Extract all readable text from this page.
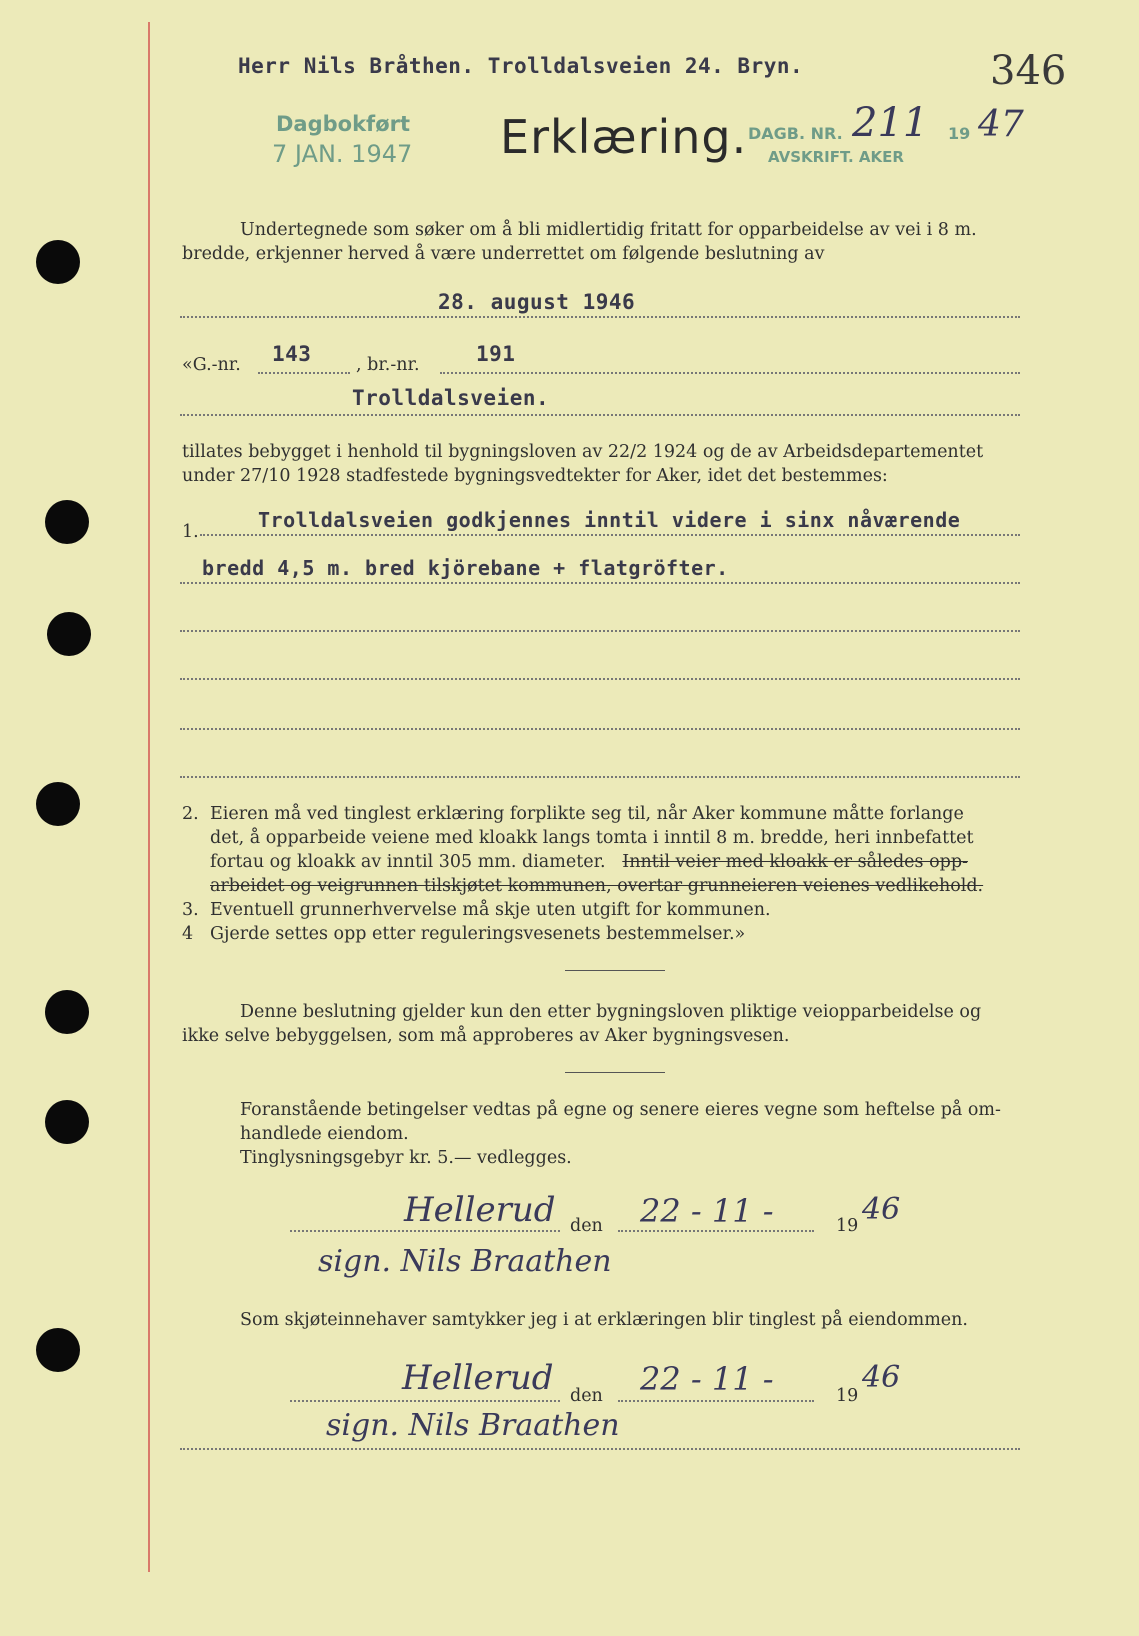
Herr Nils Bråthen. Trolldalsveien 24. Bryn.	346
Dagbokført
7 JAN. 1947 Erklæring. DAGB. NR. 211 19 47
AVSKRIFT. AKER
Undertegnede som søker om å bli midlertidig fritatt for opparbeidelse av vei i 8 m.
bredde, erkjenner herved å være underrettet om følgende beslutning av
28. august 1946
«G.-nr. 143	, br.-nr.	191
Trolldalsveien.
tillates bebygget i henhold til bygningsloven av 22/2 1924 og de av Arbeidsdepartementet
under 27/10 1928 stadfestede bygningsvedtekter for Aker, idet det bestemmes:
1.	Trolldalsveien godkjennes inntil videre i sinx nåværende
bredd 4,5 m. bred kjörebane + flatgröfter.
2. Eieren må ved tinglest erklæring forplikte seg til, når Aker kommune måtte forlange
det, å opparbeide veiene med kloakk langs tomta i inntil 8 m. bredde, heri innbefattet
fortau og kloakk av inntil 305 mm. diameter. Inntil veier med kloakk er således opp-
arbeidet og veigrunnen tilskjøtet kommunen, overtar grunneieren veienes vedlikehold.
3. Eventuell grunnerhvervelse må skje uten utgift for kommunen.
4 Gjerde settes opp etter reguleringsvesenets bestemmelser.»
Denne beslutning gjelder kun den etter bygningsloven pliktige veiopparbeidelse og
ikke selve bebyggelsen, som må approberes av Aker bygningsvesen.
Foranstående betingelser vedtas på egne og senere eieres vegne som heftelse på om-
handlede eiendom.
Tinglysningsgebyr kr. 5.— vedlegges.
Hellerud den 22 - 11 -	19 46
sign. Nils Braathen
Som skjøteinnehaver samtykker jeg i at erklæringen blir tinglest på eiendommen.
Hellerud den 22 - 11 -	19
46
sign. Nils Braathen
